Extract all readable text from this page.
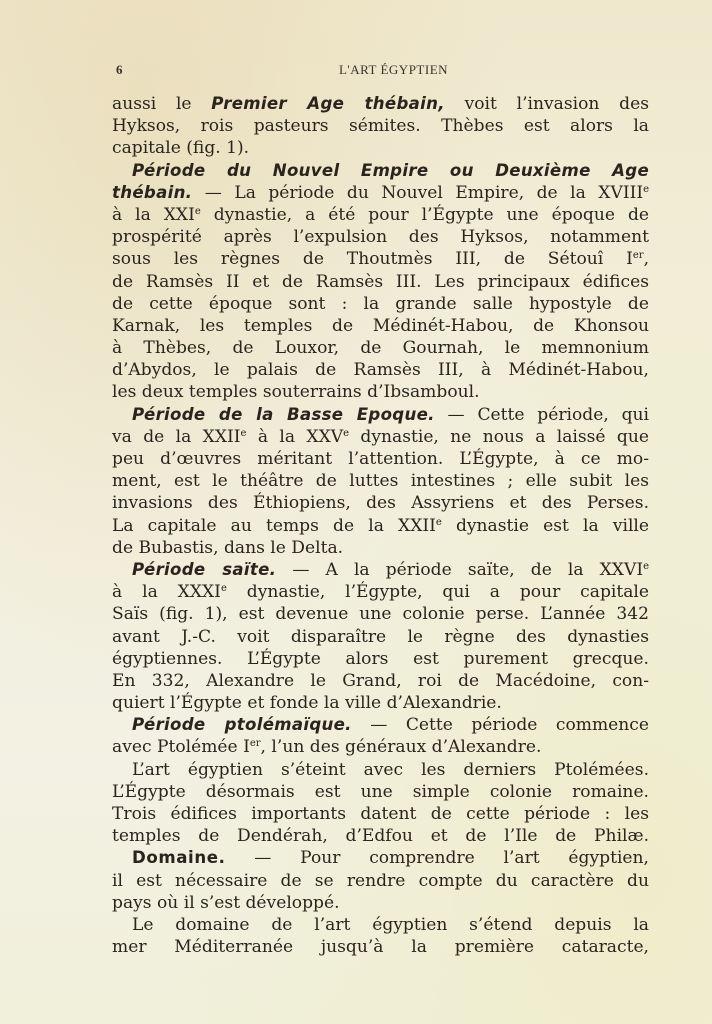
6	L'ART ÉGYPTIEN
aussi le Premier Age thébain, voit l’invasion des
Hyksos, rois pasteurs sémites. Thèbes est alors la
capitale (fig. 1).
Période du Nouvel Empire ou Deuxième Age
thébain. — La période du Nouvel Empire, de la XVIIIe
à la XXIe dynastie, a été pour l’Égypte une époque de
prospérité après l’expulsion des Hyksos, notamment
sous les règnes de Thoutmès III, de Sétouî Ier,
de Ramsès II et de Ramsès III. Les principaux édifices
de cette époque sont : la grande salle hypostyle de
Karnak, les temples de Médinét-Habou, de Khonsou
à Thèbes, de Louxor, de Gournah, le memnonium
d’Abydos, le palais de Ramsès III, à Médinét-Habou,
les deux temples souterrains d’Ibsamboul.
Période de la Basse Epoque. — Cette période, qui
va de la XXIIe à la XXVe dynastie, ne nous a laissé que
peu d’œuvres méritant l’attention. L’Égypte, à ce mo-
ment, est le théâtre de luttes intestines ; elle subit les
invasions des Éthiopiens, des Assyriens et des Perses.
La capitale au temps de la XXIIe dynastie est la ville
de Bubastis, dans le Delta.
Période saïte. — A la période saïte, de la XXVIe
à la XXXIe dynastie, l’Égypte, qui a pour capitale
Saïs (fig. 1), est devenue une colonie perse. L’année 342
avant J.-C. voit disparaître le règne des dynasties
égyptiennes. L’Égypte alors est purement grecque.
En 332, Alexandre le Grand, roi de Macédoine, con-
quiert l’Égypte et fonde la ville d’Alexandrie.
Période ptolémaïque. — Cette période commence
avec Ptolémée Ier, l’un des généraux d’Alexandre.
L’art égyptien s’éteint avec les derniers Ptolémées.
L’Égypte désormais est une simple colonie romaine.
Trois édifices importants datent de cette période : les
temples de Dendérah, d’Edfou et de l’Ile de Philæ.
Domaine. — Pour comprendre l’art égyptien,
il est nécessaire de se rendre compte du caractère du
pays où il s’est développé.
Le domaine de l’art égyptien s’étend depuis la
mer Méditerranée jusqu’à la première cataracte,
